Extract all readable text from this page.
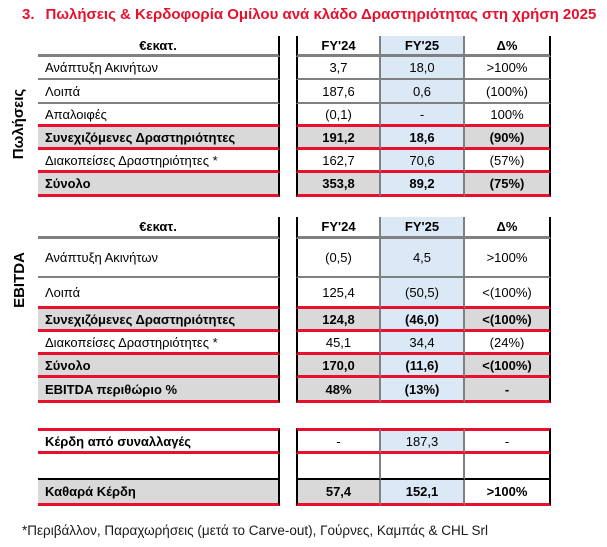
3. Πωλήσεις & Κερδοφορία Ομίλου ανά κλάδο Δραστηριότητας στη χρήση 2025
Πωλήσεις
EBITDA
€εκατ.	FY'24	FY'25	Δ%
Ανάπτυξη Ακινήτων	3,7	18,0	>100%
Λοιπά	187,6	0,6	(100%)
Απαλοιφές	(0,1)	-	100%
Συνεχιζόμενες Δραστηριότητες	191,2	18,6	(90%)
Διακοπείσες Δραστηριότητες *	162,7	70,6	(57%)
Σύνολο	353,8	89,2	(75%)
€εκατ.	FY'24	FY'25	Δ%
Ανάπτυξη Ακινήτων	(0,5)	4,5	>100%
Λοιπά	125,4	(50,5)	<(100%)
Συνεχιζόμενες Δραστηριότητες	124,8	(46,0)	<(100%)
Διακοπείσες Δραστηριότητες *	45,1	34,4	(24%)
Σύνολο	170,0	(11,6)	<(100%)
EBITDA περιθώριο %	48%	(13%)	-
Κέρδη από συναλλαγές	-	187,3	-
Καθαρά Κέρδη	57,4	152,1	>100%
*Περιβάλλον, Παραχωρήσεις (μετά το Carve-out), Γούρνες, Καμπάς & CHL Srl
